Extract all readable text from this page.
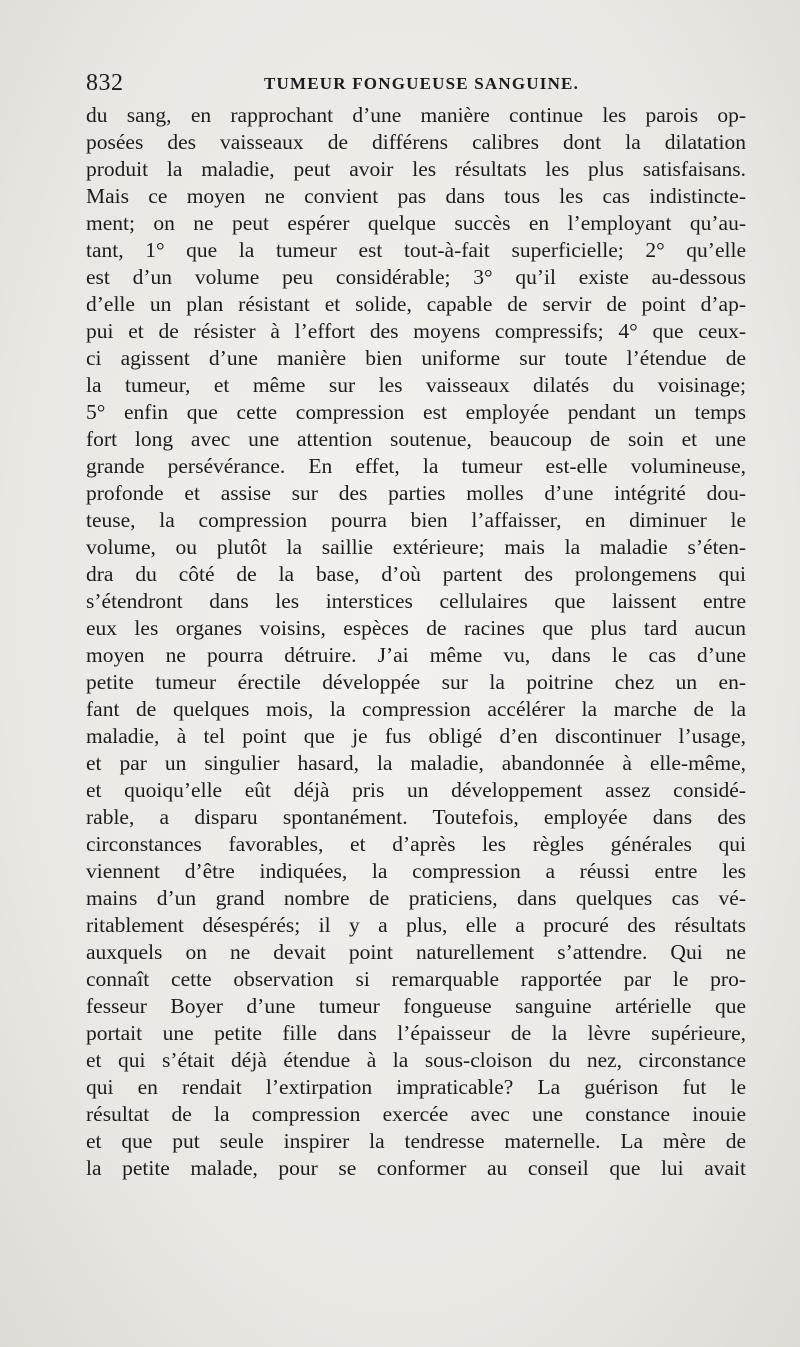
832	TUMEUR FONGUEUSE SANGUINE.
du sang, en rapprochant d’une manière continue les parois op-
posées des vaisseaux de différens calibres dont la dilatation
produit la maladie, peut avoir les résultats les plus satisfaisans.
Mais ce moyen ne convient pas dans tous les cas indistincte-
ment; on ne peut espérer quelque succès en l’employant qu’au-
tant, 1° que la tumeur est tout-à-fait superficielle; 2° qu’elle
est d’un volume peu considérable; 3° qu’il existe au-dessous
d’elle un plan résistant et solide, capable de servir de point d’ap-
pui et de résister à l’effort des moyens compressifs; 4° que ceux-
ci agissent d’une manière bien uniforme sur toute l’étendue de
la tumeur, et même sur les vaisseaux dilatés du voisinage;
5° enfin que cette compression est employée pendant un temps
fort long avec une attention soutenue, beaucoup de soin et une
grande persévérance. En effet, la tumeur est-elle volumineuse,
profonde et assise sur des parties molles d’une intégrité dou-
teuse, la compression pourra bien l’affaisser, en diminuer le
volume, ou plutôt la saillie extérieure; mais la maladie s’éten-
dra du côté de la base, d’où partent des prolongemens qui
s’étendront dans les interstices cellulaires que laissent entre
eux les organes voisins, espèces de racines que plus tard aucun
moyen ne pourra détruire. J’ai même vu, dans le cas d’une
petite tumeur érectile développée sur la poitrine chez un en-
fant de quelques mois, la compression accélérer la marche de la
maladie, à tel point que je fus obligé d’en discontinuer l’usage,
et par un singulier hasard, la maladie, abandonnée à elle-même,
et quoiqu’elle eût déjà pris un développement assez considé-
rable, a disparu spontanément. Toutefois, employée dans des
circonstances favorables, et d’après les règles générales qui
viennent d’être indiquées, la compression a réussi entre les
mains d’un grand nombre de praticiens, dans quelques cas vé-
ritablement désespérés; il y a plus, elle a procuré des résultats
auxquels on ne devait point naturellement s’attendre. Qui ne
connaît cette observation si remarquable rapportée par le pro-
fesseur Boyer d’une tumeur fongueuse sanguine artérielle que
portait une petite fille dans l’épaisseur de la lèvre supérieure,
et qui s’était déjà étendue à la sous-cloison du nez, circonstance
qui en rendait l’extirpation impraticable? La guérison fut le
résultat de la compression exercée avec une constance inouie
et que put seule inspirer la tendresse maternelle. La mère de
la petite malade, pour se conformer au conseil que lui avait
